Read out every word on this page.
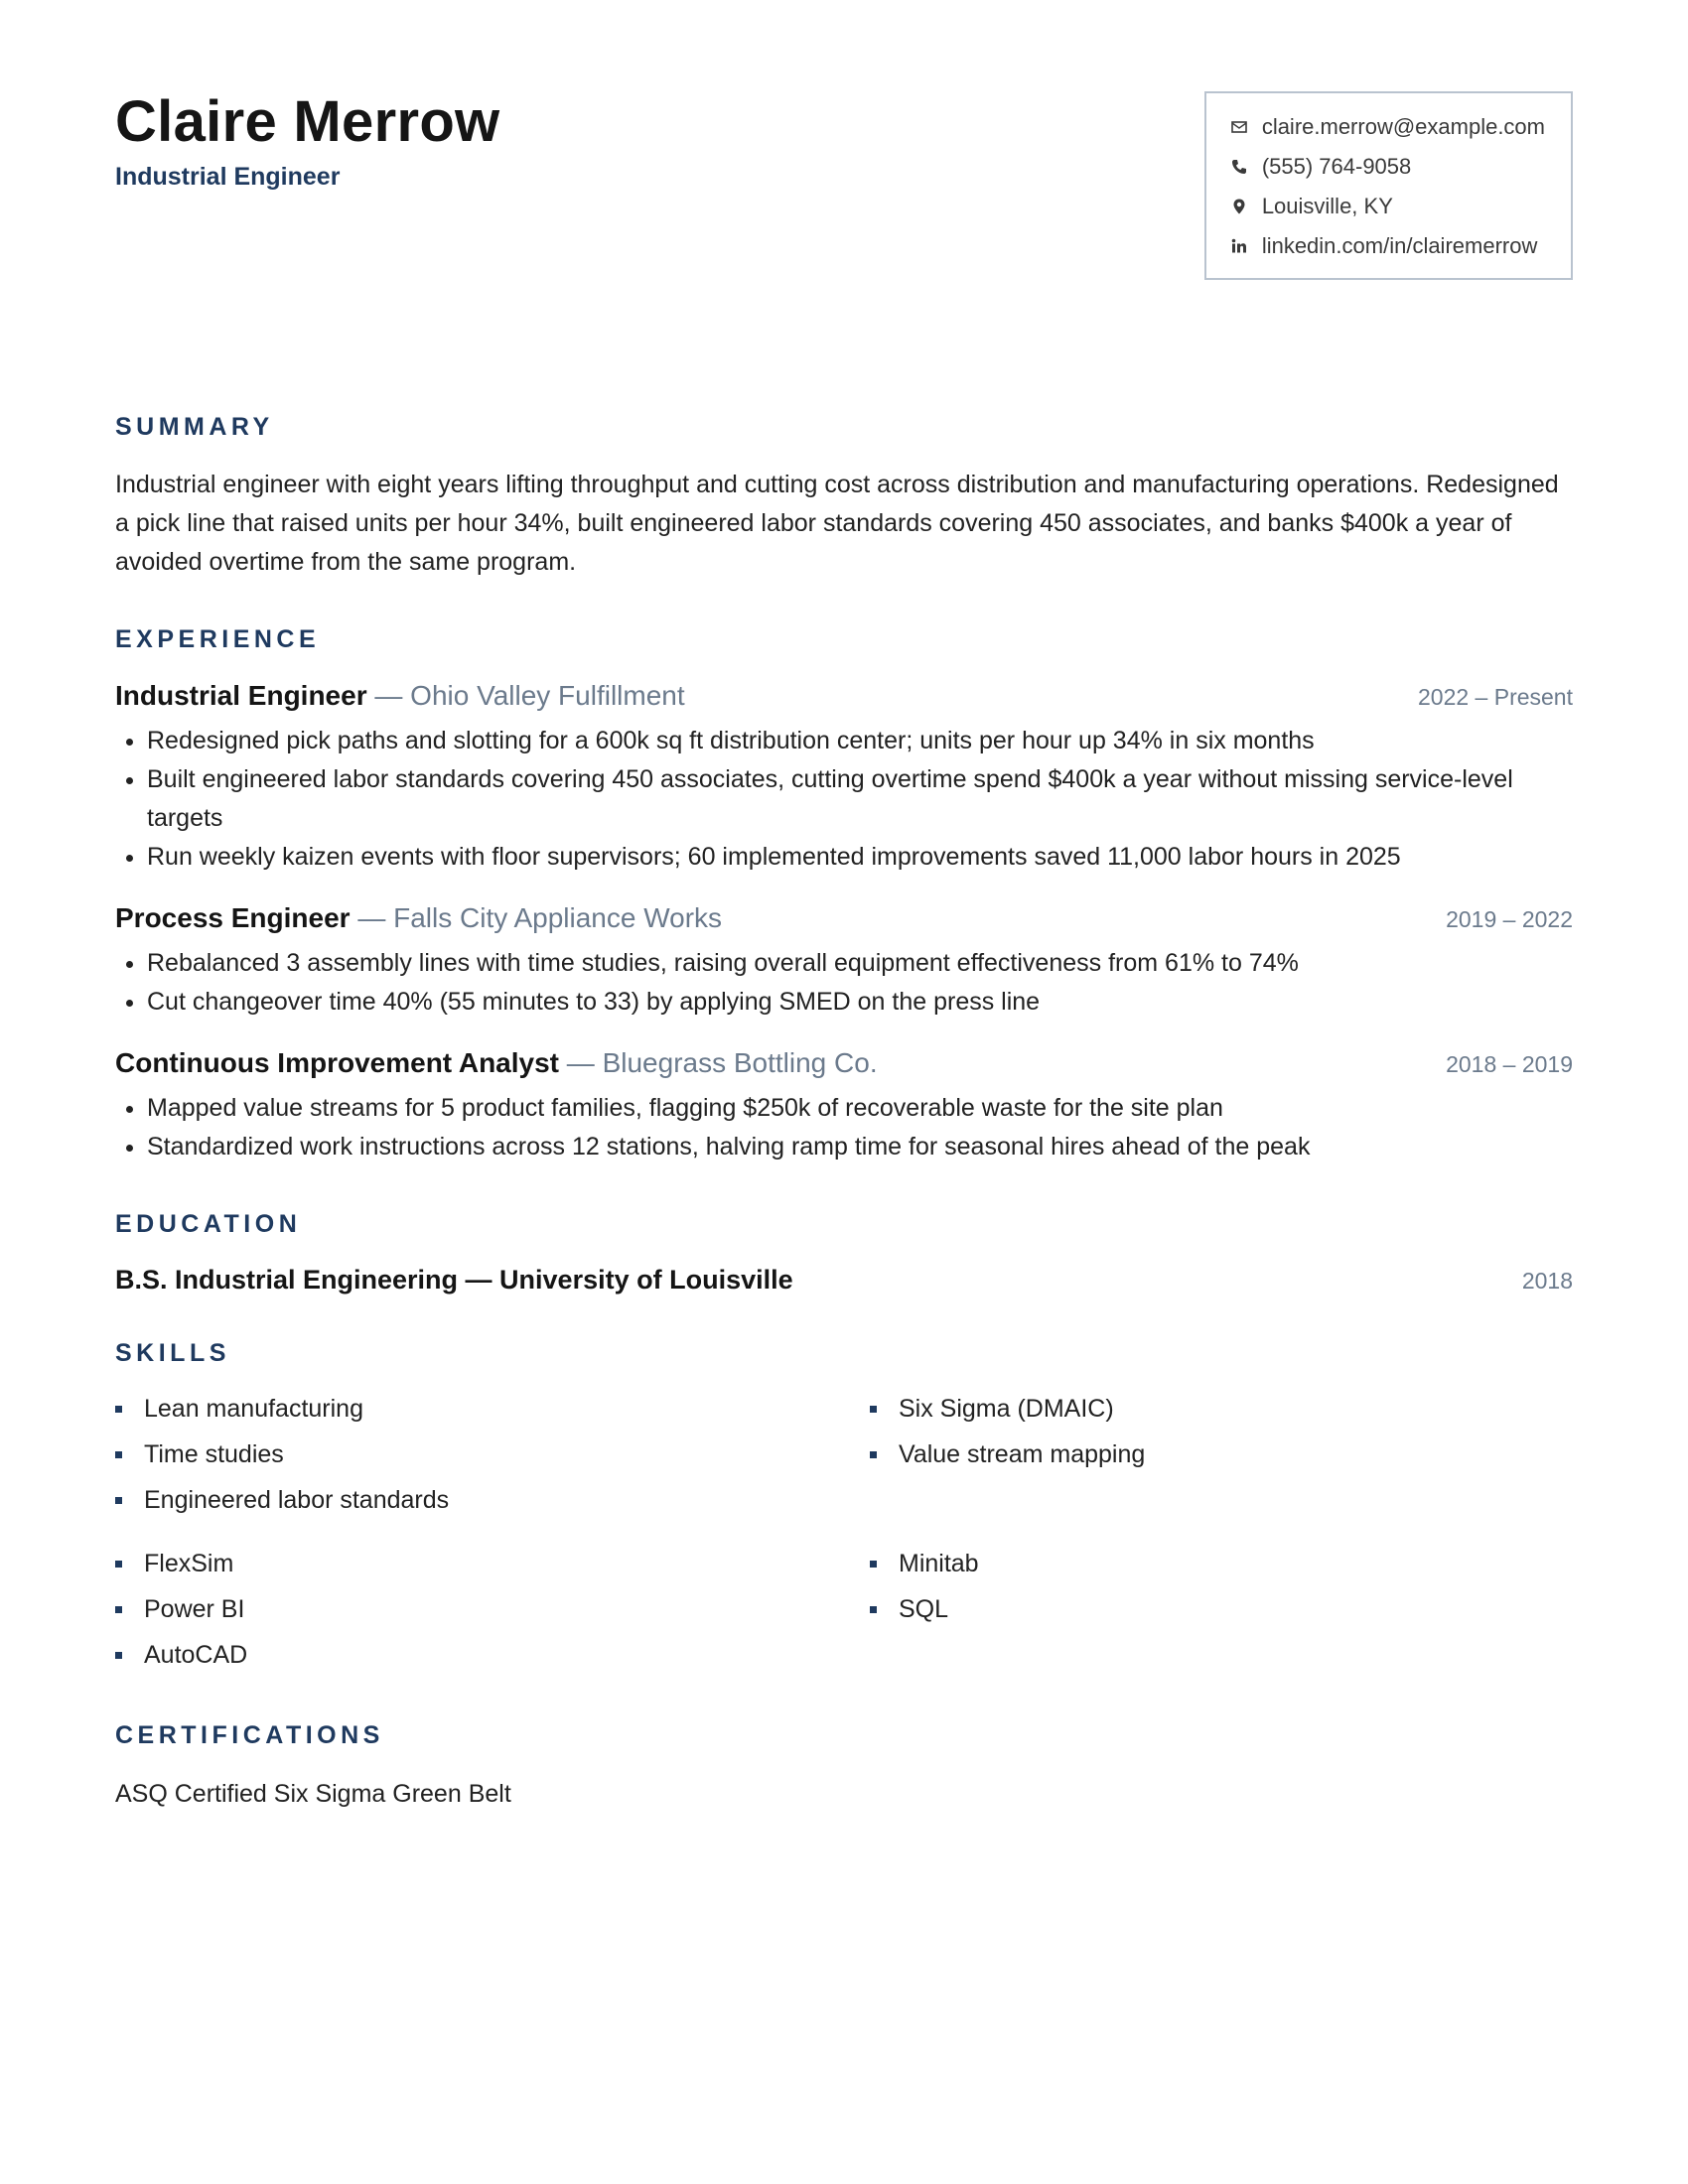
Claire Merrow
Industrial Engineer
claire.merrow@example.com
(555) 764-9058
Louisville, KY
linkedin.com/in/clairemerrow
SUMMARY
Industrial engineer with eight years lifting throughput and cutting cost across distribution and manufacturing operations. Redesigned a pick line that raised units per hour 34%, built engineered labor standards covering 450 associates, and banks $400k a year of avoided overtime from the same program.
EXPERIENCE
Industrial Engineer — Ohio Valley Fulfillment	2022 – Present
• Redesigned pick paths and slotting for a 600k sq ft distribution center; units per hour up 34% in six months
• Built engineered labor standards covering 450 associates, cutting overtime spend $400k a year without missing service-level targets
• Run weekly kaizen events with floor supervisors; 60 implemented improvements saved 11,000 labor hours in 2025
Process Engineer — Falls City Appliance Works	2019 – 2022
• Rebalanced 3 assembly lines with time studies, raising overall equipment effectiveness from 61% to 74%
• Cut changeover time 40% (55 minutes to 33) by applying SMED on the press line
Continuous Improvement Analyst — Bluegrass Bottling Co.	2018 – 2019
• Mapped value streams for 5 product families, flagging $250k of recoverable waste for the site plan
• Standardized work instructions across 12 stations, halving ramp time for seasonal hires ahead of the peak
EDUCATION
B.S. Industrial Engineering — University of Louisville	2018
SKILLS
Lean manufacturing
Time studies
Engineered labor standards
Six Sigma (DMAIC)
Value stream mapping
FlexSim
Power BI
AutoCAD
Minitab
SQL
CERTIFICATIONS
ASQ Certified Six Sigma Green Belt
